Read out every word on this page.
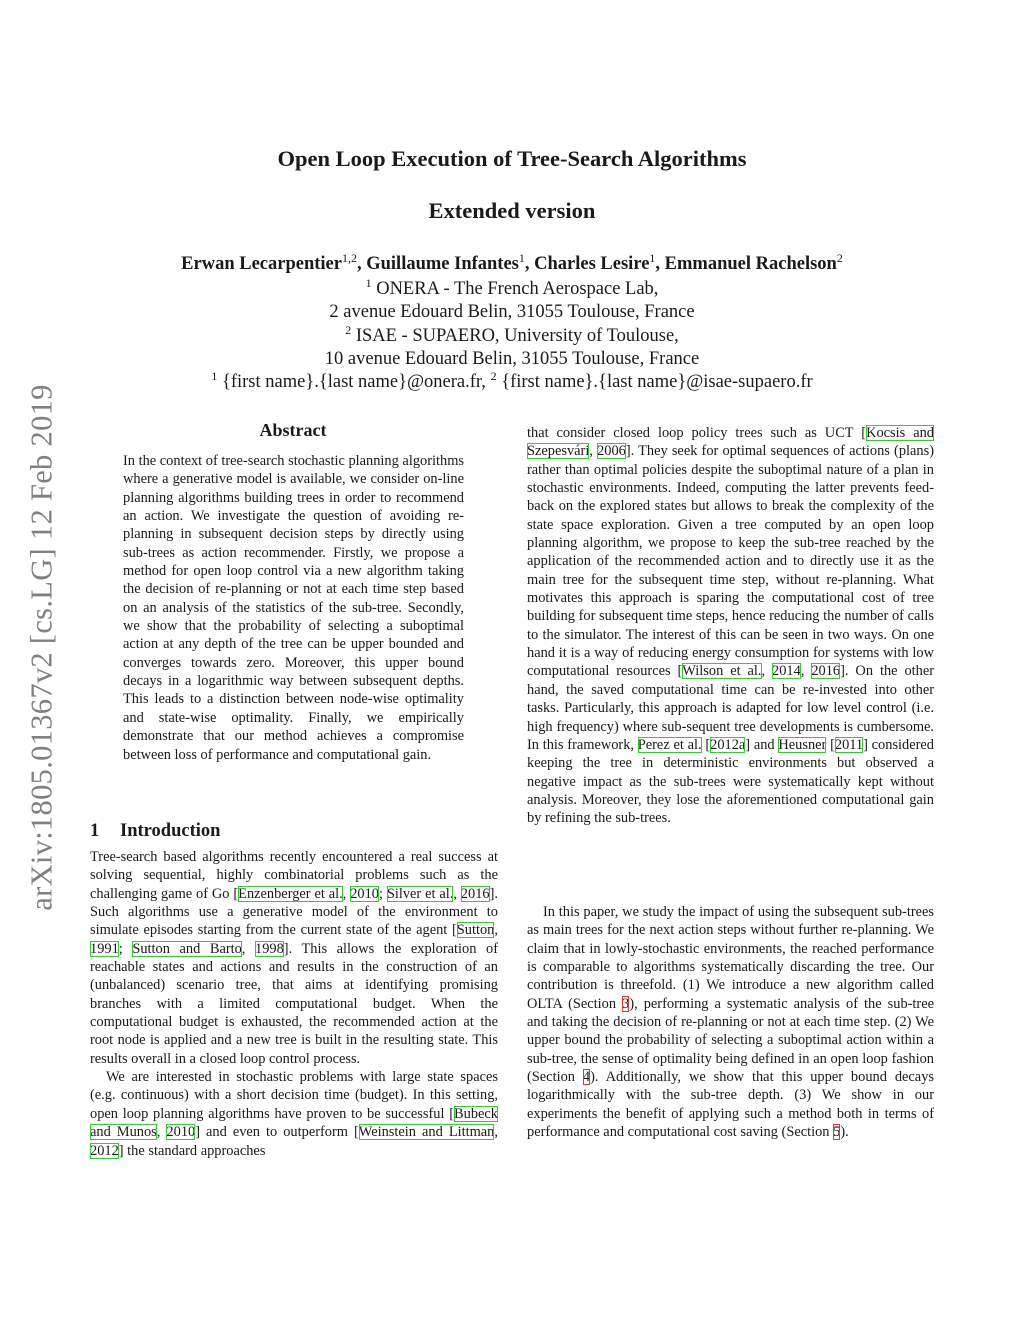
arXiv:1805.01367v2 [cs.LG] 12 Feb 2019
Open Loop Execution of Tree-Search Algorithms
Extended version
Erwan Lecarpentier$^{1,2}$, Guillaume Infantes$^1$, Charles Lesire$^1$, Emmanuel Rachelson$^2$
$^1$ ONERA - The French Aerospace Lab,
2 avenue Edouard Belin, 31055 Toulouse, France
$^2$ ISAE - SUPAERO, University of Toulouse,
10 avenue Edouard Belin, 31055 Toulouse, France
$^1$ {first name}.{last name}@onera.fr, $^2$ {first name}.{last name}@isae-supaero.fr
Abstract

In the context of tree-search stochastic planning algorithms where a generative model is available, we consider on-line planning algorithms building trees in order to recommend an action. We investigate the question of avoiding re-planning in subsequent decision steps by directly using sub-trees as action recommender. Firstly, we propose a method for open loop control via a new algorithm taking the decision of re-planning or not at each time step based on an analysis of the statistics of the sub-tree. Secondly, we show that the probability of selecting a suboptimal action at any depth of the tree can be upper bounded and converges towards zero. Moreover, this upper bound decays in a logarithmic way between subsequent depths. This leads to a distinction between node-wise optimality and state-wise optimality. Finally, we empirically demonstrate that our method achieves a compromise between loss of performance and computational gain.

1 Introduction

Tree-search based algorithms recently encountered a real success at solving sequential, highly combinatorial problems such as the challenging game of Go [Enzenberger et al., 2010; Silver et al., 2016]. Such algorithms use a generative model of the environment to simulate episodes starting from the current state of the agent [Sutton, 1991; Sutton and Barto, 1998]. This allows the exploration of reachable states and actions and results in the construction of an (unbalanced) scenario tree, that aims at identifying promising branches with a limited computational budget. When the computational budget is exhausted, the recommended action at the root node is applied and a new tree is built in the resulting state. This results overall in a closed loop control process.

We are interested in stochastic problems with large state spaces (e.g. continuous) with a short decision time (budget). In this setting, open loop planning algorithms have proven to be successful [Bubeck and Munos, 2010] and even to outperform [Weinstein and Littman, 2012] the standard approaches

that consider closed loop policy trees such as UCT [Kocsis and Szepesvári, 2006]. They seek for optimal sequences of actions (plans) rather than optimal policies despite the suboptimal nature of a plan in stochastic environments. Indeed, computing the latter prevents feed-back on the explored states but allows to break the complexity of the state space exploration. Given a tree computed by an open loop planning algorithm, we propose to keep the sub-tree reached by the application of the recommended action and to directly use it as the main tree for the subsequent time step, without re-planning. What motivates this approach is sparing the computational cost of tree building for subsequent time steps, hence reducing the number of calls to the simulator. The interest of this can be seen in two ways. On one hand it is a way of reducing energy consumption for systems with low computational resources [Wilson et al., 2014, 2016]. On the other hand, the saved computational time can be re-invested into other tasks. Particularly, this approach is adapted for low level control (i.e. high frequency) where sub-sequent tree developments is cumbersome. In this framework, Perez et al. [2012a] and Heusner [2011] considered keeping the tree in deterministic environments but observed a negative impact as the sub-trees were systematically kept without analysis. Moreover, they lose the aforementioned computational gain by refining the sub-trees.

In this paper, we study the impact of using the subsequent sub-trees as main trees for the next action steps without further re-planning. We claim that in lowly-stochastic environments, the reached performance is comparable to algorithms systematically discarding the tree. Our contribution is threefold. (1) We introduce a new algorithm called OLTA (Section 3), performing a systematic analysis of the sub-tree and taking the decision of re-planning or not at each time step. (2) We upper bound the probability of selecting a suboptimal action within a sub-tree, the sense of optimality being defined in an open loop fashion (Section 4). Additionally, we show that this upper bound decays logarithmically with the sub-tree depth. (3) We show in our experiments the benefit of applying such a method both in terms of performance and computational cost saving (Section 5).
